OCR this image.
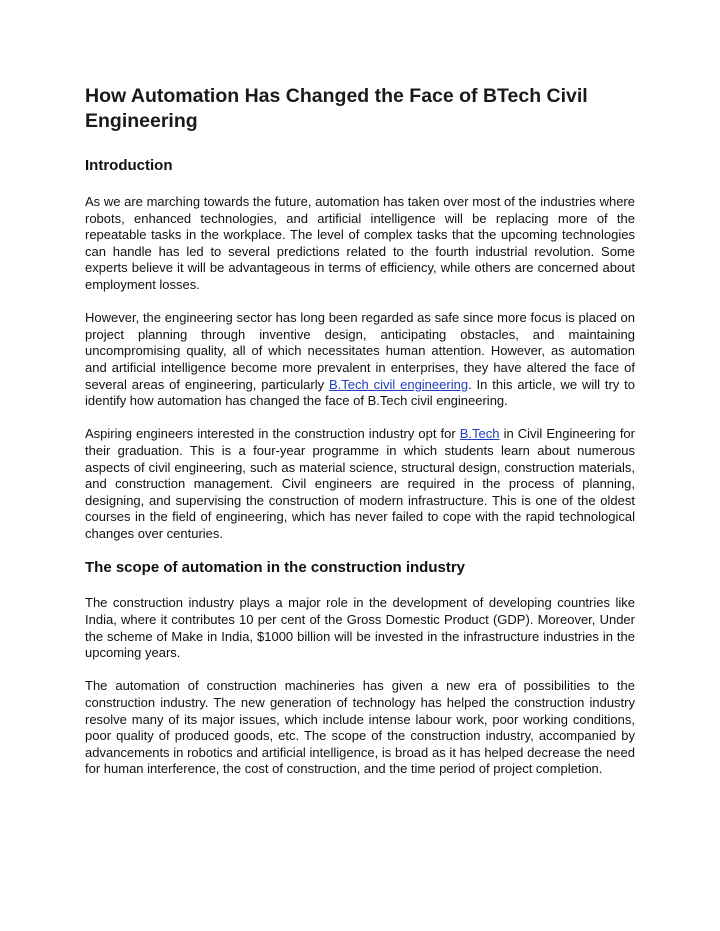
How Automation Has Changed the Face of BTech Civil Engineering
Introduction

As we are marching towards the future, automation has taken over most of the industries where robots, enhanced technologies, and artificial intelligence will be replacing more of the repeatable tasks in the workplace. The level of complex tasks that the upcoming technologies can handle has led to several predictions related to the fourth industrial revolution. Some experts believe it will be advantageous in terms of efficiency, while others are concerned about employment losses.

However, the engineering sector has long been regarded as safe since more focus is placed on project planning through inventive design, anticipating obstacles, and maintaining uncompromising quality, all of which necessitates human attention. However, as automation and artificial intelligence become more prevalent in enterprises, they have altered the face of several areas of engineering, particularly B.Tech civil engineering. In this article, we will try to identify how automation has changed the face of B.Tech civil engineering.

Aspiring engineers interested in the construction industry opt for B.Tech in Civil Engineering for their graduation. This is a four-year programme in which students learn about numerous aspects of civil engineering, such as material science, structural design, construction materials, and construction management. Civil engineers are required in the process of planning, designing, and supervising the construction of modern infrastructure. This is one of the oldest courses in the field of engineering, which has never failed to cope with the rapid technological changes over centuries.

The scope of automation in the construction industry

The construction industry plays a major role in the development of developing countries like India, where it contributes 10 per cent of the Gross Domestic Product (GDP). Moreover, Under the scheme of Make in India, $1000 billion will be invested in the infrastructure industries in the upcoming years.

The automation of construction machineries has given a new era of possibilities to the construction industry. The new generation of technology has helped the construction industry resolve many of its major issues, which include intense labour work, poor working conditions, poor quality of produced goods, etc. The scope of the construction industry, accompanied by advancements in robotics and artificial intelligence, is broad as it has helped decrease the need for human interference, the cost of construction, and the time period of project completion.
